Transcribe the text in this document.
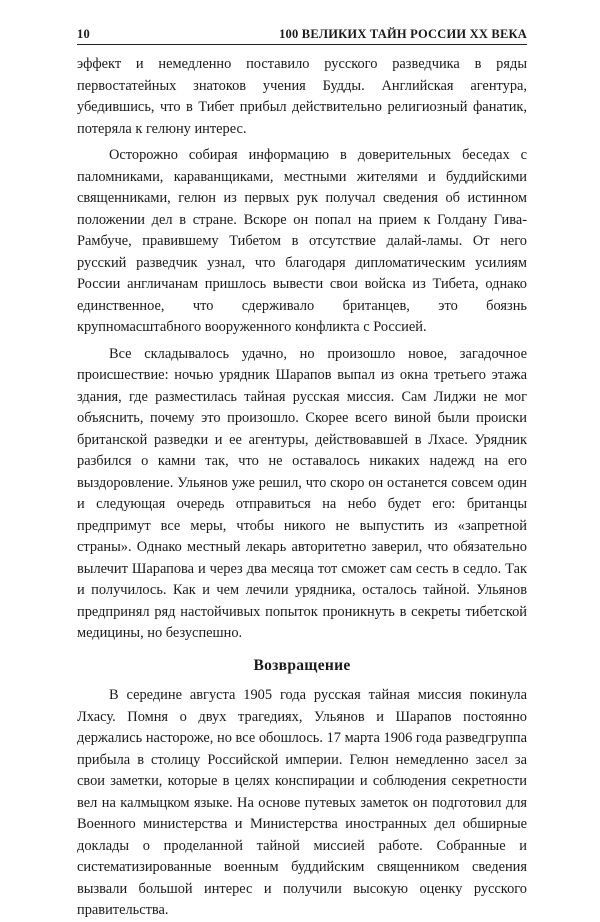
10	100 ВЕЛИКИХ ТАЙН РОССИИ XX ВЕКА

эффект и немедленно поставило русского разведчика в ряды первостатейных знатоков учения Будды. Английская агентура, убедившись, что в Тибет прибыл действительно религиозный фанатик, потеряла к гелюну интерес.

Осторожно собирая информацию в доверительных беседах с паломниками, караванщиками, местными жителями и буддийскими священниками, гелюн из первых рук получал сведения об истинном положении дел в стране. Вскоре он попал на прием к Голдану Гива-Рамбуче, правившему Тибетом в отсутствие далай-ламы. От него русский разведчик узнал, что благодаря дипломатическим усилиям России англичанам пришлось вывести свои войска из Тибета, однако единственное, что сдерживало британцев, это боязнь крупномасштабного вооруженного конфликта с Россией.

Все складывалось удачно, но произошло новое, загадочное происшествие: ночью урядник Шарапов выпал из окна третьего этажа здания, где разместилась тайная русская миссия. Сам Лиджи не мог объяснить, почему это произошло. Скорее всего виной были происки британской разведки и ее агентуры, действовавшей в Лхасе. Урядник разбился о камни так, что не оставалось никаких надежд на его выздоровление. Ульянов уже решил, что скоро он останется совсем один и следующая очередь отправиться на небо будет его: британцы предпримут все меры, чтобы никого не выпустить из «запретной страны». Однако местный лекарь авторитетно заверил, что обязательно вылечит Шарапова и через два месяца тот сможет сам сесть в седло. Так и получилось. Как и чем лечили урядника, осталось тайной. Ульянов предпринял ряд настойчивых попыток проникнуть в секреты тибетской медицины, но безуспешно.

Возвращение

В середине августа 1905 года русская тайная миссия покинула Лхасу. Помня о двух трагедиях, Ульянов и Шарапов постоянно держались настороже, но все обошлось. 17 марта 1906 года разведгруппа прибыла в столицу Российской империи. Гелюн немедленно засел за свои заметки, которые в целях конспирации и соблюдения секретности вел на калмыцком языке. На основе путевых заметок он подготовил для Военного министерства и Министерства иностранных дел обширные доклады о проделанной тайной миссией работе. Собранные и систематизированные военным буддийским священником сведения вызвали большой интерес и получили высокую оценку русского правительства.
